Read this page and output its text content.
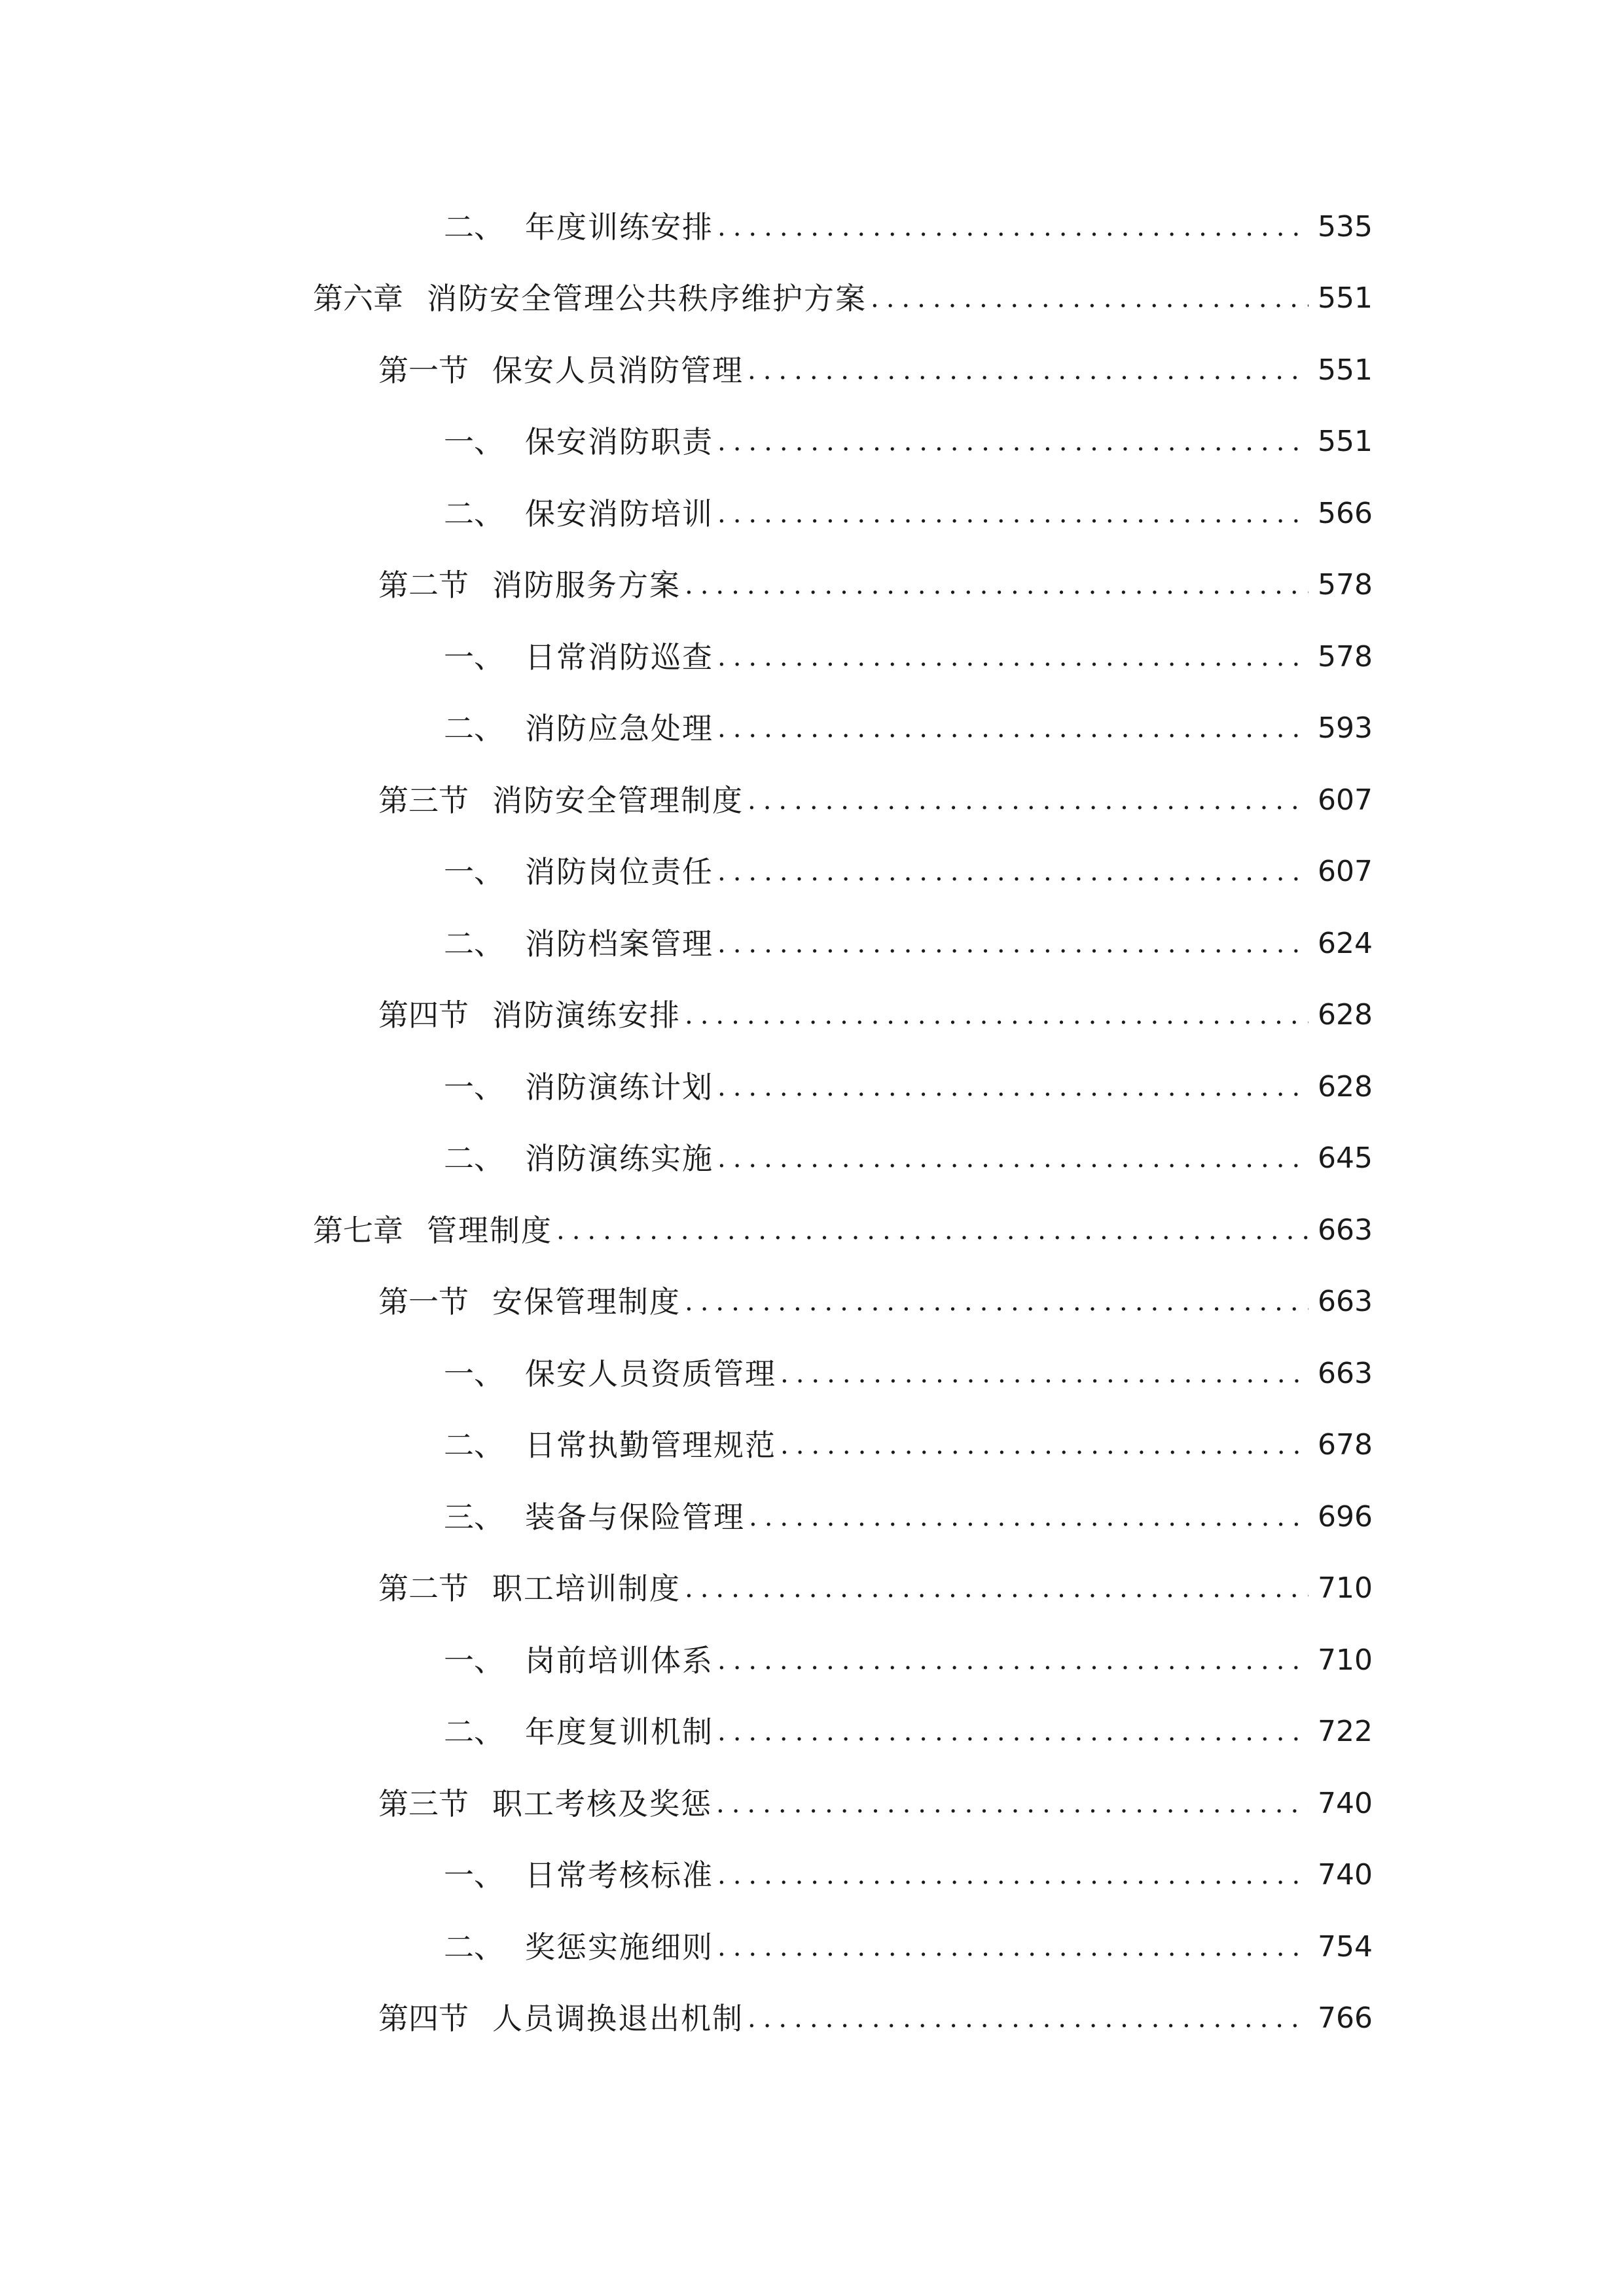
二、 年度训练安排 .....	535
第六章 消防安全管理公共秩序维护方案 .....	551
第一节 保安人员消防管理 .....	551
一、 保安消防职责 .....	551
二、 保安消防培训 .....	566
第二节 消防服务方案 .....	578
一、 日常消防巡查 .....	578
二、 消防应急处理 .....	593
第三节 消防安全管理制度 .....	607
一、 消防岗位责任 .....	607
二、 消防档案管理 .....	624
第四节 消防演练安排 .....	628
一、 消防演练计划 .....	628
二、 消防演练实施 .....	645
第七章 管理制度 .....	663
第一节 安保管理制度 .....	663
一、 保安人员资质管理 .....	663
二、 日常执勤管理规范 .....	678
三、 装备与保险管理 .....	696
第二节 职工培训制度 .....	710
一、 岗前培训体系 .....	710
二、 年度复训机制 .....	722
第三节 职工考核及奖惩 .....	740
一、 日常考核标准 .....	740
二、 奖惩实施细则 .....	754
第四节 人员调换退出机制 .....	766
